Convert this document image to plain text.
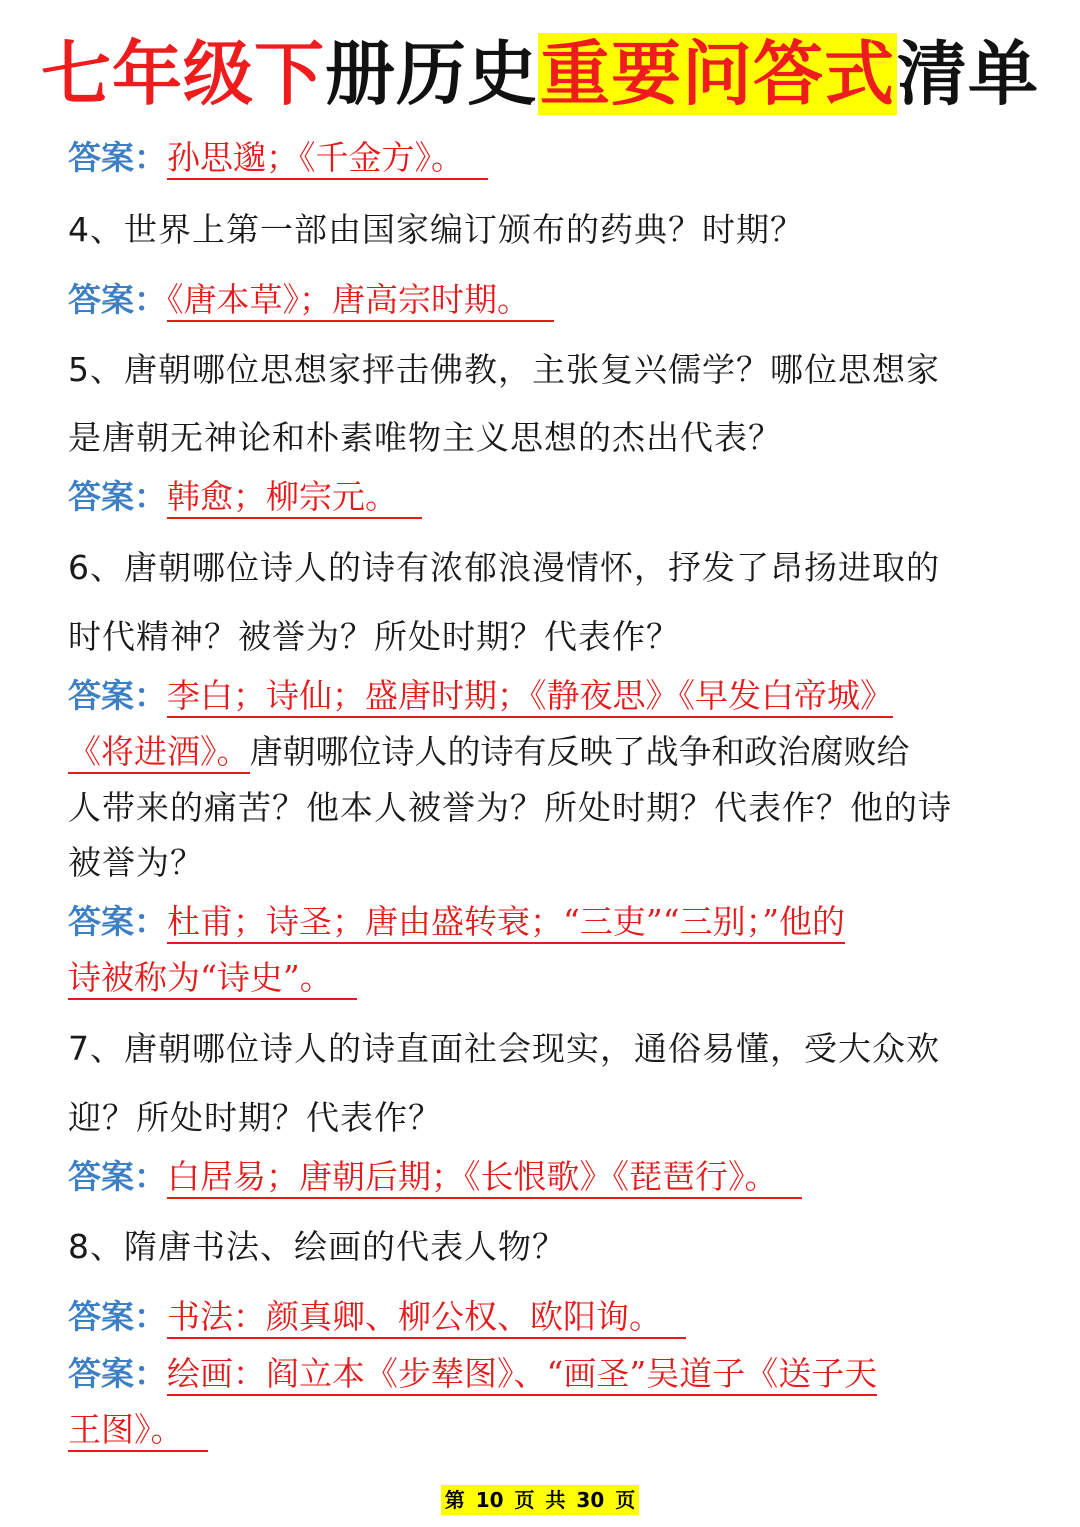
七年级下册历史重要问答式清单
答案：孙思邈；《千金方》。
4、世界上第一部由国家编订颁布的药典？时期？
答案：《唐本草》；唐高宗时期。
5、唐朝哪位思想家抨击佛教，主张复兴儒学？哪位思想家
是唐朝无神论和朴素唯物主义思想的杰出代表？
答案：韩愈；柳宗元。
6、唐朝哪位诗人的诗有浓郁浪漫情怀，抒发了昂扬进取的
时代精神？被誉为？所处时期？代表作？
答案：李白；诗仙；盛唐时期；《静夜思》《早发白帝城》
《将进酒》。唐朝哪位诗人的诗有反映了战争和政治腐败给
人带来的痛苦？他本人被誉为？所处时期？代表作？他的诗
被誉为？
答案：杜甫；诗圣；唐由盛转衰；“三吏”“三别；”他的
诗被称为“诗史”。
7、唐朝哪位诗人的诗直面社会现实，通俗易懂，受大众欢
迎？所处时期？代表作？
答案：白居易；唐朝后期；《长恨歌》《琵琶行》。
8、隋唐书法、绘画的代表人物？
答案：书法：颜真卿、柳公权、欧阳询。
答案：绘画：阎立本《步辇图》、“画圣”吴道子《送子天
王图》。
第 10 页 共 30 页
